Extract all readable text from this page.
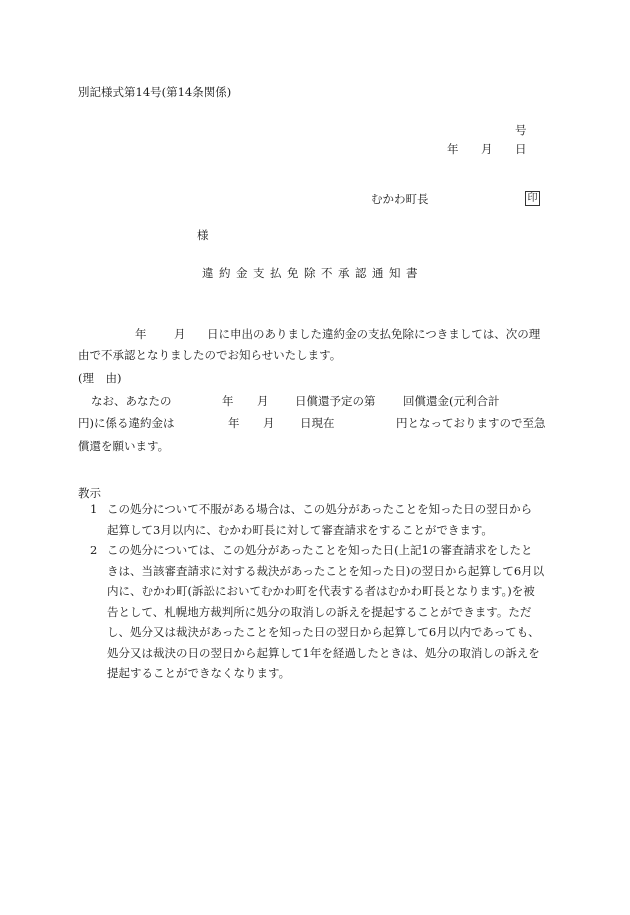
別記様式第14号(第14条関係)
号
年 月 日
むかわ町長	印
様
違約金支払免除不承認通知書
年 月 日に申出のありました違約金の支払免除につきましては、次の理
由で不承認となりましたのでお知らせいたします。
(理　由)
なお、あなたの	年 月 日償還予定の第 回償還金(元利合計
円)に係る違約金は	年 月 日現在	円となっておりますので至急
償還を願います。
教示
1 この処分について不服がある場合は、この処分があったことを知った日の翌日から
起算して3月以内に、むかわ町長に対して審査請求をすることができます。
2 この処分については、この処分があったことを知った日(上記1の審査請求をしたと
きは、当該審査請求に対する裁決があったことを知った日)の翌日から起算して6月以
内に、むかわ町(訴訟においてむかわ町を代表する者はむかわ町長となります。)を被
告として、札幌地方裁判所に処分の取消しの訴えを提起することができます。ただ
し、処分又は裁決があったことを知った日の翌日から起算して6月以内であっても、
処分又は裁決の日の翌日から起算して1年を経過したときは、処分の取消しの訴えを
提起することができなくなります。
